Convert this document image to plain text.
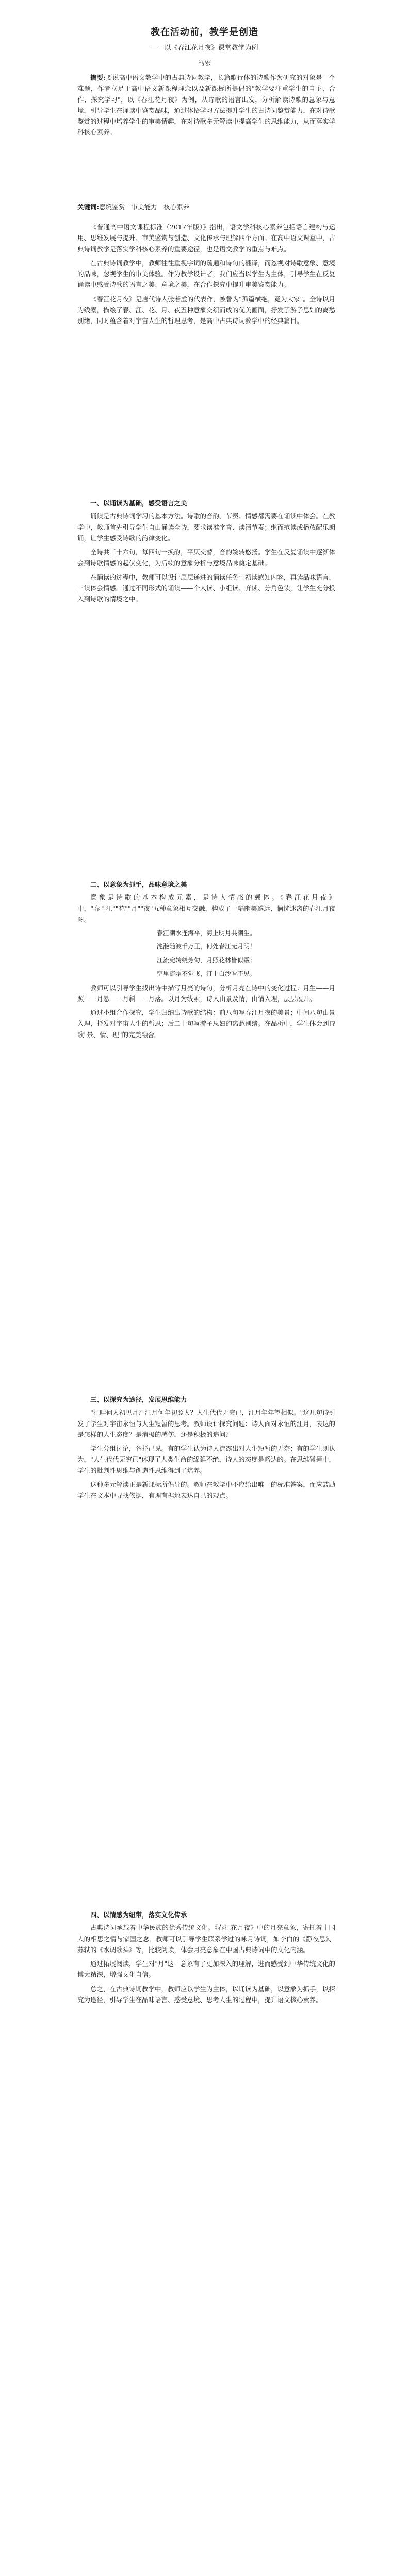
教在活动前，教学是创造
——以《春江花月夜》课堂教学为例
冯宏
摘要:要说高中语文教学中的古典诗词教学，长篇歌行体的诗歌作为研究的对象是一个难题，作者立足于高中语文新课程理念以及新课标所提倡的"教学要注重学生的自主、合作、探究学习"，以《春江花月夜》为例，从诗歌的语言出发，分析解读诗歌的意象与意境，引导学生在诵读中鉴赏品味，通过体悟学习方法提升学生的古诗词鉴赏能力，在对诗歌鉴赏的过程中培养学生的审美情趣，在对诗歌多元解读中提高学生的思维能力，从而落实学科核心素养。
关键词:意境鉴赏　审美能力　核心素养

《普通高中语文课程标准（2017年版）》指出，语文学科核心素养包括语言建构与运用、思维发展与提升、审美鉴赏与创造、文化传承与理解四个方面。在高中语文课堂中，古典诗词教学是落实学科核心素养的重要途径，也是语文教学的重点与难点。

在古典诗词教学中，教师往往重视字词的疏通和诗句的翻译，而忽视对诗歌意象、意境的品味，忽视学生的审美体验。作为教学设计者，我们应当以学生为主体，引导学生在反复诵读中感受诗歌的语言之美、意境之美，在合作探究中提升审美鉴赏能力。

《春江花月夜》是唐代诗人张若虚的代表作，被誉为"孤篇横绝，竟为大家"。全诗以月为线索，描绘了春、江、花、月、夜五种意象交织而成的优美画面，抒发了游子思妇的离愁别绪，同时蕴含着对宇宙人生的哲理思考，是高中古典诗词教学中的经典篇目。

一、以诵读为基础，感受语言之美

诵读是古典诗词学习的基本方法。诗歌的音韵、节奏、情感都需要在诵读中体会。在教学中，教师首先引导学生自由诵读全诗，要求读准字音、读清节奏；继而范读或播放配乐朗诵，让学生感受诗歌的韵律变化。

全诗共三十六句，每四句一换韵，平仄交替，音韵婉转悠扬。学生在反复诵读中逐渐体会到诗歌情感的起伏变化，为后续的意象分析与意境品味奠定基础。

在诵读的过程中，教师可以设计层层递进的诵读任务：初读感知内容，再读品味语言，三读体会情感。通过不同形式的诵读——个人读、小组读、齐读、分角色读，让学生充分投入到诗歌的情境之中。

二、以意象为抓手，品味意境之美

意象是诗歌的基本构成元素，是诗人情感的载体。《春江花月夜》中，"春""江""花""月""夜"五种意象相互交融，构成了一幅幽美邈远、惝恍迷离的春江月夜图。

春江潮水连海平，海上明月共潮生。

滟滟随波千万里，何处春江无月明！

江流宛转绕芳甸，月照花林皆似霰；

空里流霜不觉飞，汀上白沙看不见。

教师可以引导学生找出诗中描写月亮的诗句，分析月亮在诗中的变化过程：月生——月照——月悬——月斜——月落。以月为线索，诗人由景及情，由情入理，层层展开。

通过小组合作探究，学生归纳出诗歌的结构：前八句写春江月夜的美景；中间八句由景入理，抒发对宇宙人生的哲思；后二十句写游子思妇的离愁别绪。在品析中，学生体会到诗歌"景、情、理"的完美融合。

三、以探究为途径，发展思维能力

"江畔何人初见月？江月何年初照人？人生代代无穷已，江月年年望相似。"这几句诗引发了学生对宇宙永恒与人生短暂的思考。教师设计探究问题：诗人面对永恒的江月，表达的是怎样的人生态度？是消极的感伤，还是积极的追问？

学生分组讨论，各抒己见。有的学生认为诗人流露出对人生短暂的无奈；有的学生则认为，"人生代代无穷已"体现了人类生命的绵延不绝，诗人的态度是豁达的。在思维碰撞中，学生的批判性思维与创造性思维得到了培养。

这种多元解读正是新课标所倡导的。教师在教学中不应给出唯一的标准答案，而应鼓励学生在文本中寻找依据，有理有据地表达自己的观点。

四、以情感为纽带，落实文化传承

古典诗词承载着中华民族的优秀传统文化。《春江花月夜》中的月亮意象，寄托着中国人的相思之情与家国之念。教师可以引导学生联系学过的咏月诗词，如李白的《静夜思》、苏轼的《水调歌头》等，比较阅读，体会月亮意象在中国古典诗词中的文化内涵。

通过拓展阅读，学生对"月"这一意象有了更加深入的理解，进而感受到中华传统文化的博大精深，增强文化自信。

总之，在古典诗词教学中，教师应以学生为主体，以诵读为基础，以意象为抓手，以探究为途径，引导学生在品味语言、感受意境、思考人生的过程中，提升语文核心素养。
